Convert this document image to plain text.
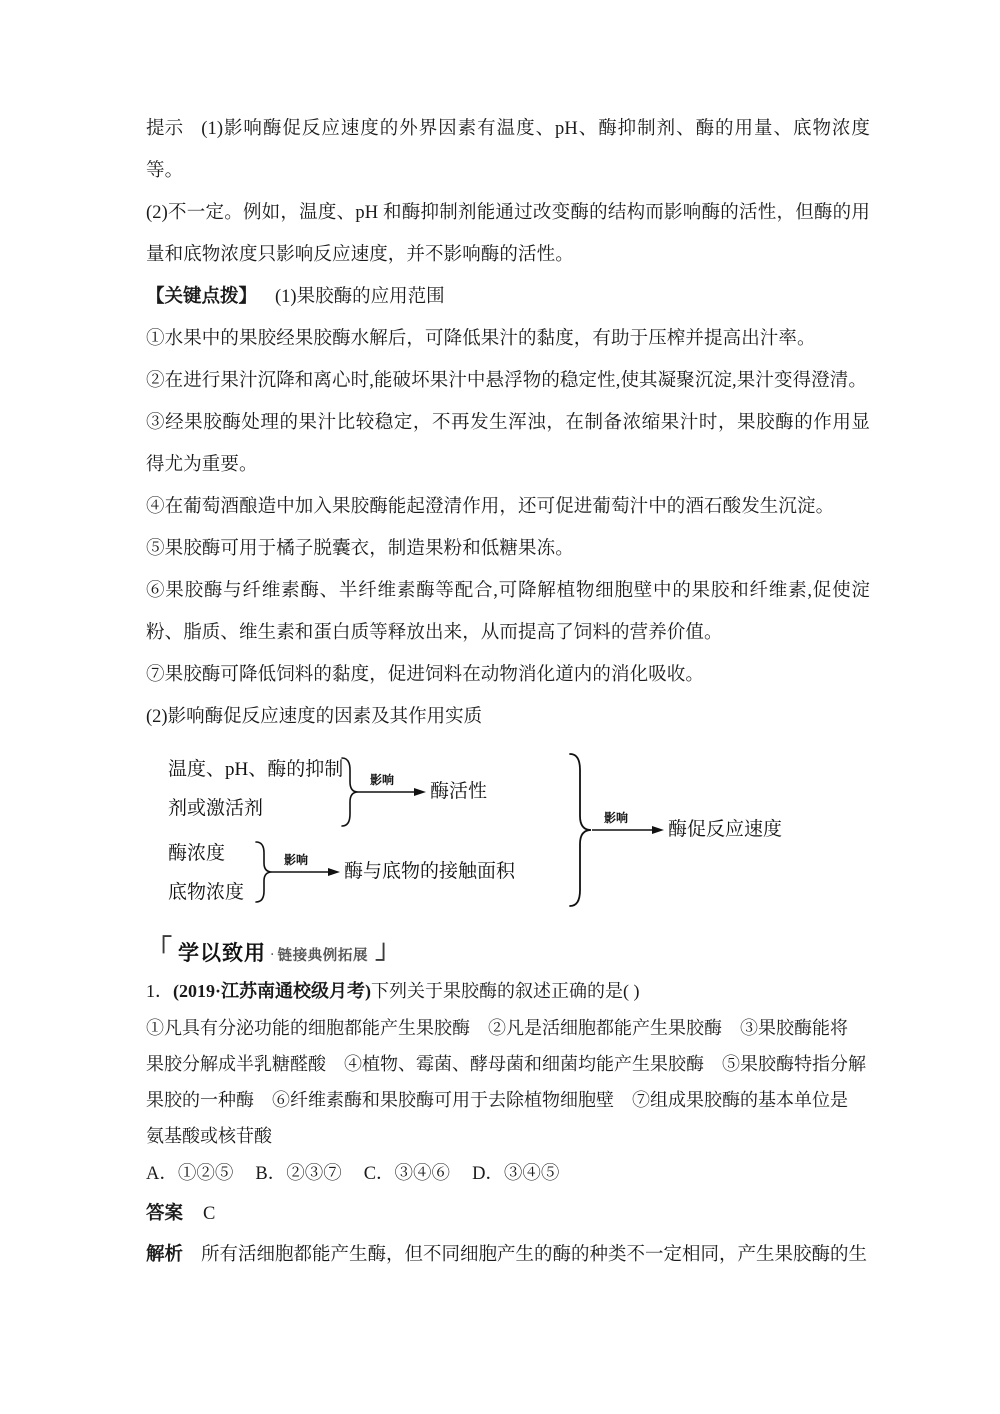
提示 (1)影响酶促反应速度的外界因素有温度、pH、酶抑制剂、酶的用量、底物浓度等。

(2)不一定。例如，温度、pH 和酶抑制剂能通过改变酶的结构而影响酶的活性，但酶的用量和底物浓度只影响反应速度，并不影响酶的活性。

【关键点拨】 (1)果胶酶的应用范围

①水果中的果胶经果胶酶水解后，可降低果汁的黏度，有助于压榨并提高出汁率。

②在进行果汁沉降和离心时,能破坏果汁中悬浮物的稳定性,使其凝聚沉淀,果汁变得澄清。

③经果胶酶处理的果汁比较稳定，不再发生浑浊，在制备浓缩果汁时，果胶酶的作用显得尤为重要。

④在葡萄酒酿造中加入果胶酶能起澄清作用，还可促进葡萄汁中的酒石酸发生沉淀。

⑤果胶酶可用于橘子脱囊衣，制造果粉和低糖果冻。

⑥果胶酶与纤维素酶、半纤维素酶等配合,可降解植物细胞壁中的果胶和纤维素,促使淀粉、脂质、维生素和蛋白质等释放出来，从而提高了饲料的营养价值。

⑦果胶酶可降低饲料的黏度，促进饲料在动物消化道内的消化吸收。

(2)影响酶促反应速度的因素及其作用实质

温度、pH、酶的抑制
剂或激活剂
影响
酶活性
酶浓度
底物浓度
影响
酶与底物的接触面积
影响
酶促反应速度
「 学以致用 · 链接典例拓展 」

1．(2019·江苏南通校级月考)下列关于果胶酶的叙述正确的是( )

①凡具有分泌功能的细胞都能产生果胶酶　②凡是活细胞都能产生果胶酶　③果胶酶能将

果胶分解成半乳糖醛酸　④植物、霉菌、酵母菌和细菌均能产生果胶酶　⑤果胶酶特指分解

果胶的一种酶　⑥纤维素酶和果胶酶可用于去除植物细胞壁　⑦组成果胶酶的基本单位是

氨基酸或核苷酸

A．①②⑤ B．②③⑦ C．③④⑥ D．③④⑤

答案 C

解析 所有活细胞都能产生酶，但不同细胞产生的酶的种类不一定相同，产生果胶酶的生
